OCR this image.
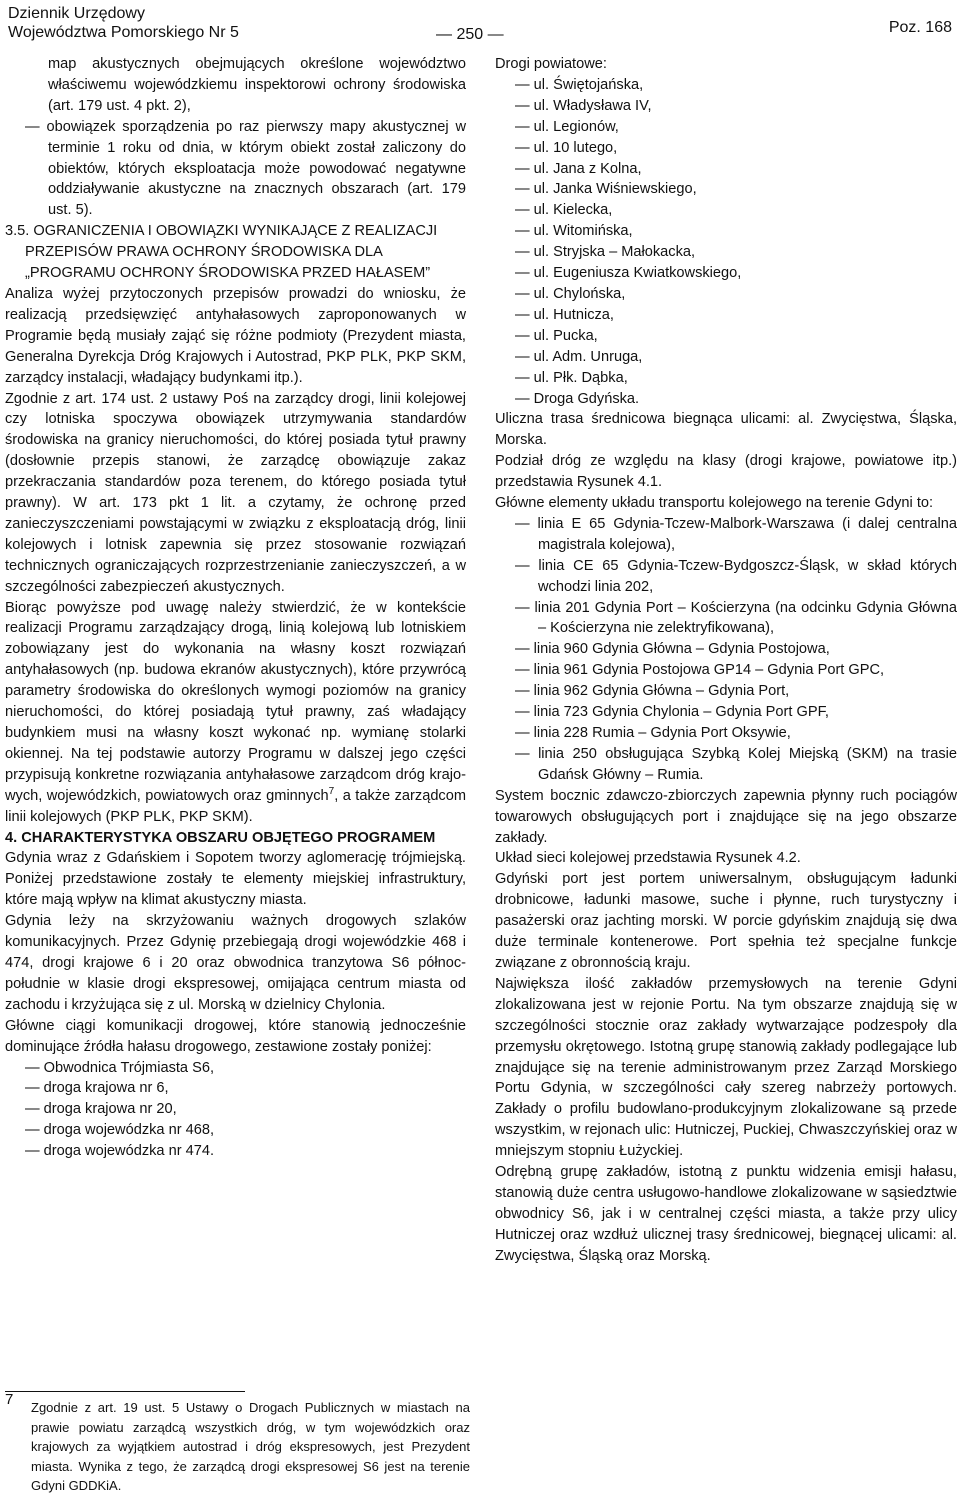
Dziennik Urzędowy
Województwa Pomorskiego Nr 5	— 250 —	Poz. 168

map akustycznych obejmujących określone województwo właściwemu wojewódzkiemu inspektorowi ochrony środowiska (art. 179 ust. 4 pkt. 2),

— obowiązek sporządzenia po raz pierwszy mapy akustycznej w terminie 1 roku od dnia, w którym obiekt został zaliczony do obiektów, których eksploatacja może powodować negatywne oddziaływanie akustyczne na znacznych obszarach (art. 179 ust. 5).

3.5. OGRANICZENIA I OBOWIĄZKI WYNIKAJĄCE Z REALIZACJI PRZEPISÓW PRAWA OCHRONY ŚRODOWISKA DLA „PROGRAMU OCHRONY ŚRODOWISKA PRZED HAŁASEM”

Analiza wyżej przytoczonych przepisów prowadzi do wniosku, że realizacją przedsięwzięć antyhałasowych zaproponowanych w Programie będą musiały zająć się różne podmioty (Prezydent miasta, Generalna Dyrekcja Dróg Krajowych i Autostrad, PKP PLK, PKP SKM, zarządcy instalacji, władający budynkami itp.).

Zgodnie z art. 174 ust. 2 ustawy Poś na zarządcy drogi, linii kolejowej czy lotniska spoczywa obowiązek utrzymywania standardów środowiska na granicy nieruchomości, do której posiada tytuł prawny (dosłownie przepis stanowi, że zarządcę obowiązuje zakaz przekraczania standardów poza terenem, do którego posiada tytuł prawny). W art. 173 pkt 1 lit. a czytamy, że ochronę przed zanieczyszczeniami powstającymi w związku z eksploatacją dróg, linii kolejowych i lotnisk zapewnia się przez stosowanie rozwiązań technicznych ograniczających rozprzestrzenianie zanieczyszczeń, a w szczególności zabezpieczeń akustycznych.

Biorąc powyższe pod uwagę należy stwierdzić, że w kontekście realizacji Programu zarządzający drogą, linią kolejową lub lotniskiem zobowiązany jest do wykonania na własny koszt rozwiązań antyhałasowych (np. budowa ekranów akustycznych), które przywrócą parametry środowiska do określonych wymogi poziomów na granicy nieruchomości, do której posiadają tytuł prawny, zaś władający budynkiem musi na własny koszt wykonać np. wymianę stolarki okiennej. Na tej podstawie autorzy Programu w dalszej jego części przypisują konkretne rozwiązania antyhałasowe zarządcom dróg krajowych, wojewódzkich, powiatowych oraz gminnych$^7$, a także zarządcom linii kolejowych (PKP PLK, PKP SKM).

4. CHARAKTERYSTYKA OBSZARU OBJĘTEGO PROGRAMEM

Gdynia wraz z Gdańskiem i Sopotem tworzy aglomerację trójmiejską. Poniżej przedstawione zostały te elementy miejskiej infrastruktury, które mają wpływ na klimat akustyczny miasta.

Gdynia leży na skrzyżowaniu ważnych drogowych szlaków komunikacyjnych. Przez Gdynię przebiegają drogi wojewódzkie 468 i 474, drogi krajowe 6 i 20 oraz obwodnica tranzytowa S6 północ-południe w klasie drogi ekspresowej, omijająca centrum miasta od zachodu i krzyżująca się z ul. Morską w dzielnicy Chylonia.

Główne ciągi komunikacji drogowej, które stanowią jednocześnie dominujące źródła hałasu drogowego, zestawione zostały poniżej:

— Obwodnica Trójmiasta S6,

— droga krajowa nr 6,

— droga krajowa nr 20,

— droga wojewódzka nr 468,

— droga wojewódzka nr 474.

Drogi powiatowe:

— ul. Świętojańska,

— ul. Władysława IV,

— ul. Legionów,

— ul. 10 lutego,

— ul. Jana z Kolna,

— ul. Janka Wiśniewskiego,

— ul. Kielecka,

— ul. Witomińska,

— ul. Stryjska – Małokacka,

— ul. Eugeniusza Kwiatkowskiego,

— ul. Chylońska,

— ul. Hutnicza,

— ul. Pucka,

— ul. Adm. Unruga,

— ul. Płk. Dąbka,

— Droga Gdyńska.

Uliczna trasa średnicowa biegnąca ulicami: al. Zwycięstwa, Śląska, Morska.

Podział dróg ze względu na klasy (drogi krajowe, powiatowe itp.) przedstawia Rysunek 4.1.

Główne elementy układu transportu kolejowego na terenie Gdyni to:

— linia E 65 Gdynia-Tczew-Malbork-Warszawa (i dalej centralna magistrala kolejowa),

— linia CE 65 Gdynia-Tczew-Bydgoszcz-Śląsk, w skład których wchodzi linia 202,

— linia 201 Gdynia Port – Kościerzyna (na odcinku Gdynia Główna – Kościerzyna nie zelektryfikowana),

— linia 960 Gdynia Główna – Gdynia Postojowa,

— linia 961 Gdynia Postojowa GP14 – Gdynia Port GPC,

— linia 962 Gdynia Główna – Gdynia Port,

— linia 723 Gdynia Chylonia – Gdynia Port GPF,

— linia 228 Rumia – Gdynia Port Oksywie,

— linia 250 obsługująca Szybką Kolej Miejską (SKM) na trasie Gdańsk Główny – Rumia.

System bocznic zdawczo-zbiorczych zapewnia płynny ruch pociągów towarowych obsługujących port i znajdujące się na jego obszarze zakłady.

Układ sieci kolejowej przedstawia Rysunek 4.2.

Gdyński port jest portem uniwersalnym, obsługującym ładunki drobnicowe, ładunki masowe, suche i płynne, ruch turystyczny i pasażerski oraz jachting morski. W porcie gdyńskim znajdują się dwa duże terminale kontenerowe. Port spełnia też specjalne funkcje związane z obronnością kraju.

Największa ilość zakładów przemysłowych na terenie Gdyni zlokalizowana jest w rejonie Portu. Na tym obszarze znajdują się w szczególności stocznie oraz zakłady wytwarzające podzespoły dla przemysłu okrętowego. Istotną grupę stanowią zakłady podlegające lub znajdujące się na terenie administrowanym przez Zarząd Morskiego Portu Gdynia, w szczególności cały szereg nabrzeży portowych. Zakłady o profilu budowlano-produkcyjnym zlokalizowane są przede wszystkim, w rejonach ulic: Hutniczej, Puckiej, Chwaszczyńskiej oraz w mniejszym stopniu Łużyckiej.

Odrębną grupę zakładów, istotną z punktu widzenia emisji hałasu, stanowią duże centra usługowo-handlowe zlokalizowane w sąsiedztwie obwodnicy S6, jak i w centralnej części miasta, a także przy ulicy Hutniczej oraz wzdłuż ulicznej trasy średnicowej, biegnącej ulicami: al. Zwycięstwa, Śląską oraz Morską.

7 Zgodnie z art. 19 ust. 5 Ustawy o Drogach Publicznych w miastach na prawie powiatu zarządcą wszystkich dróg, w tym wojewódzkich oraz krajowych za wyjątkiem autostrad i dróg ekspresowych, jest Prezydent miasta. Wynika z tego, że zarządcą drogi ekspresowej S6 jest na terenie Gdyni GDDKiA.
